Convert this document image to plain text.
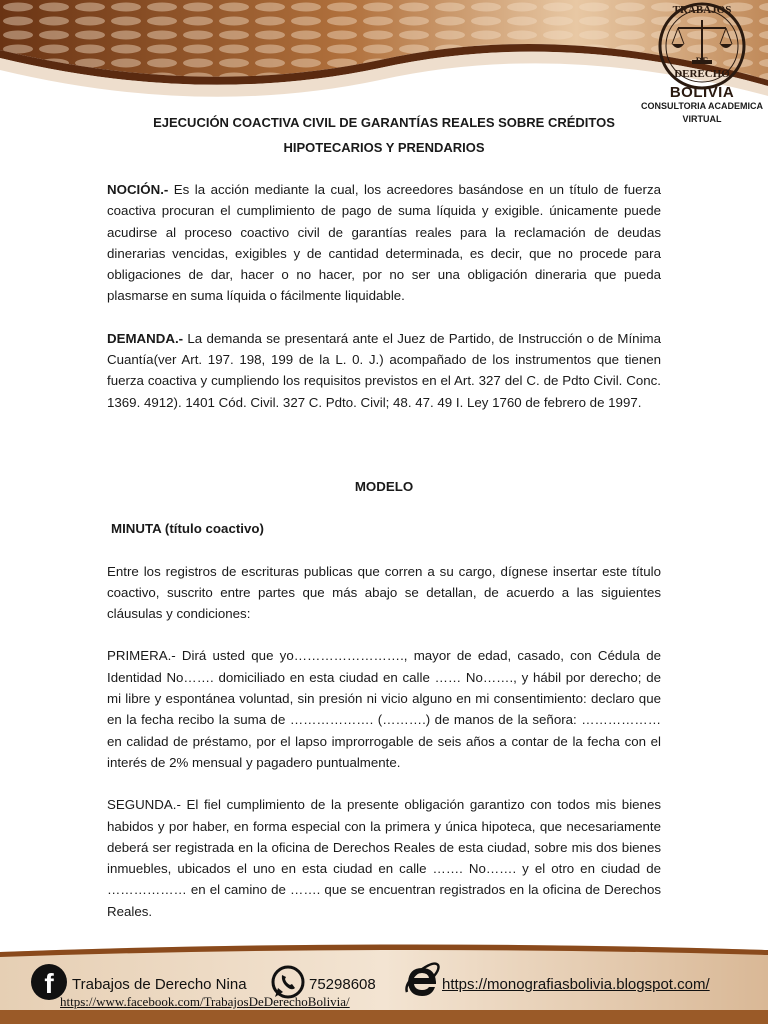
TRABAJOS
DE
DERECHO
BOLIVIA
CONSULTORIA ACADEMICA
VIRTUAL

EJECUCIÓN COACTIVA CIVIL DE GARANTÍAS REALES SOBRE CRÉDITOS

HIPOTECARIOS Y PRENDARIOS

NOCIÓN.- Es la acción mediante la cual, los acreedores basándose en un título de fuerza coactiva procuran el cumplimiento de pago de suma líquida y exigible. únicamente puede acudirse al proceso coactivo civil de garantías reales para la reclamación de deudas dinerarias vencidas, exigibles y de cantidad determinada, es decir, que no procede para obligaciones de dar, hacer o no hacer, por no ser una obligación dineraria que pueda plasmarse en suma líquida o fácilmente liquidable.

DEMANDA.- La demanda se presentará ante el Juez de Partido, de Instrucción o de Mínima Cuantía(ver Art. 197. 198, 199 de la L. 0. J.) acompañado de los instrumentos que tienen fuerza coactiva y cumpliendo los requisitos previstos en el Art. 327 del C. de Pdto Civil. Conc. 1369. 4912). 1401 Cód. Civil. 327 C. Pdto. Civil; 48. 47. 49 I. Ley 1760 de febrero de 1997.

MODELO

MINUTA (título coactivo)

Entre los registros de escrituras publicas que corren a su cargo, dígnese insertar este título coactivo, suscrito entre partes que más abajo se detallan, de acuerdo a las siguientes cláusulas y condiciones:

PRIMERA.- Dirá usted que yo……………………., mayor de edad, casado, con Cédula de Identidad No……. domiciliado en esta ciudad en calle …… No……., y hábil por derecho; de mi libre y espontánea voluntad, sin presión ni vicio alguno en mi consentimiento: declaro que en la fecha recibo la suma de ………………. (……….) de manos de la señora: ……………… en calidad de préstamo, por el lapso improrrogable de seis años a contar de la fecha con el interés de 2% mensual y pagadero puntualmente.

SEGUNDA.- El fiel cumplimiento de la presente obligación garantizo con todos mis bienes habidos y por haber, en forma especial con la primera y única hipoteca, que necesariamente deberá ser registrada en la oficina de Derechos Reales de esta ciudad, sobre mis dos bienes inmuebles, ubicados el uno en esta ciudad en calle ……. No……. y el otro en ciudad de ……………… en el camino de ……. que se encuentran registrados en la oficina de Derechos Reales.

f	Trabajos de Derecho Nina	75298608	https://monografiasbolivia.blogspot.com/
https://www.facebook.com/TrabajosDeDerechoBolivia/
